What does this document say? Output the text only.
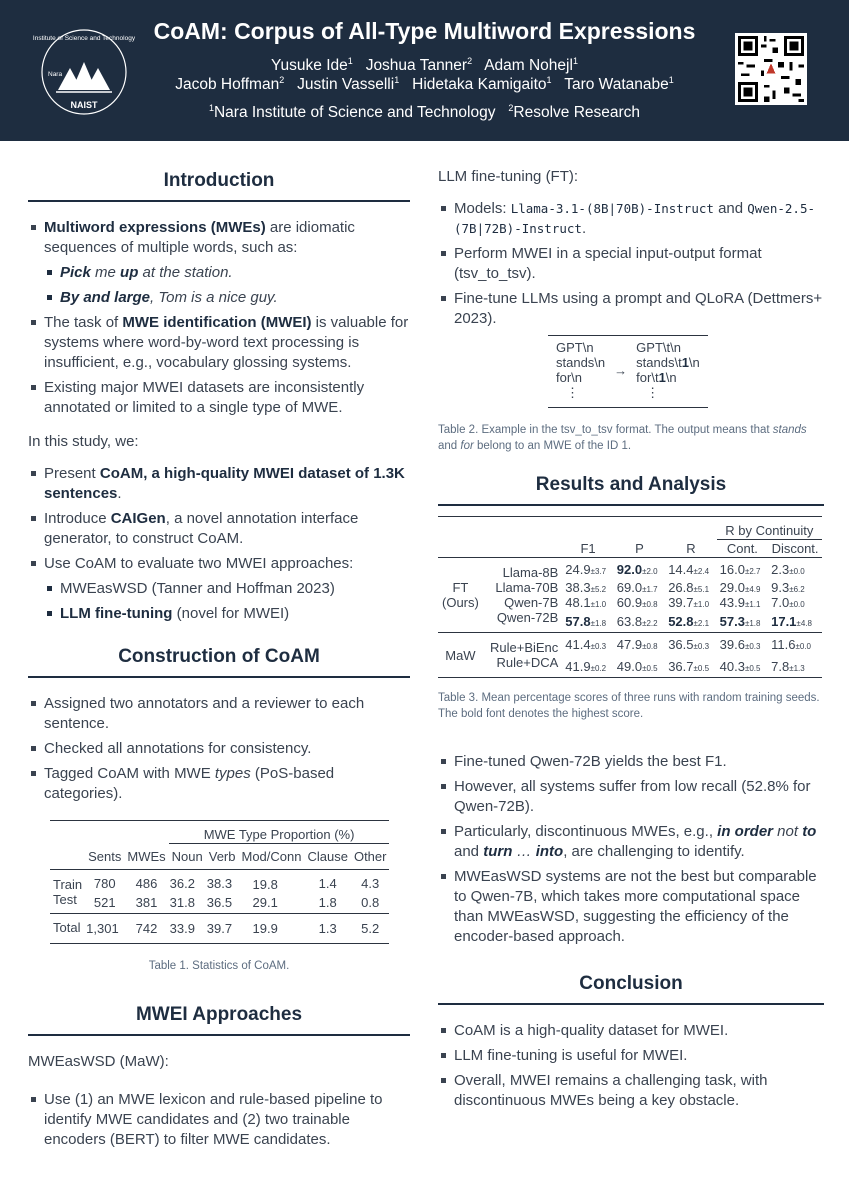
Institute of Science and Technology
Nara
NAIST
CoAM: Corpus of All-Type Multiword Expressions
Yusuke Ide$^1$ Joshua Tanner$^2$ Adam Nohejl$^1$
Jacob Hoffman$^2$ Justin Vasselli$^1$ Hidetaka Kamigaito$^1$ Taro Watanabe$^1$
$^1$Nara Institute of Science and Technology $^2$Resolve Research
Introduction
Multiword expressions (MWEs) are idiomatic sequences of multiple words, such as:
Pick me up at the station.
By and large, Tom is a nice guy.
The task of MWE identification (MWEI) is valuable for systems where word-by-word text processing is insufficient, e.g., vocabulary glossing systems.
Existing major MWEI datasets are inconsistently annotated or limited to a single type of MWE.
In this study, we:
Present CoAM, a high-quality MWEI dataset of 1.3K sentences.
Introduce CAIGen, a novel annotation interface generator, to construct CoAM.
Use CoAM to evaluate two MWEI approaches:
MWEasWSD (Tanner and Hoffman 2023)
LLM fine-tuning (novel for MWEI)
Construction of CoAM
Assigned two annotators and a reviewer to each sentence.
Checked all annotations for consistency.
Tagged CoAM with MWE types (PoS-based categories).
			MWE Type Proportion (%)				
	Sents	MWEs	Noun	Verb	Mod/Conn	Clause	Other
Train	780	486	36.2	38.3	19.8	1.4	4.3
Test	521	381	31.8	36.5	29.1	1.8	0.8
Total	1,301	742	33.9	39.7	19.9	1.3	5.2
Table 1. Statistics of CoAM.
MWEI Approaches
MWEasWSD (MaW):
Use (1) an MWE lexicon and rule-based pipeline to identify MWE candidates and (2) two trainable encoders (BERT) to filter MWE candidates.
LLM fine-tuning (FT):
Models: Llama-3.1-(8B|70B)-Instruct and Qwen-2.5-(7B|72B)-Instruct.
Perform MWEI in a special input-output format (tsv_to_tsv).
Fine-tune LLMs using a prompt and QLoRA (Dettmers+ 2023).
GPT\n		GPT\t\n
stands\n	→	stands\t1\n
for\n		for\t1\n
⋮		⋮
Table 2. Example in the tsv_to_tsv format. The output means that stands and for belong to an MWE of the ID 1.
Results and Analysis
					R by Continuity	
		F1	P	R	Cont.	Discont.

FT
(Ours)	Llama-8B	24.9±3.7	92.0±2.0	14.4±2.4	16.0±2.7	2.3±0.0
	Llama-70B	38.3±5.2	69.0±1.7	26.8±5.1	29.0±4.9	9.3±6.2
	Qwen-7B	48.1±1.0	60.9±0.8	39.7±1.0	43.9±1.1	7.0±0.0
	Qwen-72B	57.8±1.8	63.8±2.2	52.8±2.1	57.3±1.8	17.1±4.8

MaW	Rule+BiEnc	41.4±0.3	47.9±0.8	36.5±0.3	39.6±0.3	11.6±0.0
	Rule+DCA	41.9±0.2	49.0±0.5	36.7±0.5	40.3±0.5	7.8±1.3
Table 3. Mean percentage scores of three runs with random training seeds. The bold font denotes the highest score.
Fine-tuned Qwen-72B yields the best F1.
However, all systems suffer from low recall (52.8% for Qwen-72B).
Particularly, discontinuous MWEs, e.g., in order not to and turn … into, are challenging to identify.
MWEasWSD systems are not the best but comparable to Qwen-7B, which takes more computational space than MWEasWSD, suggesting the efficiency of the encoder-based approach.
Conclusion
CoAM is a high-quality dataset for MWEI.
LLM fine-tuning is useful for MWEI.
Overall, MWEI remains a challenging task, with discontinuous MWEs being a key obstacle.
